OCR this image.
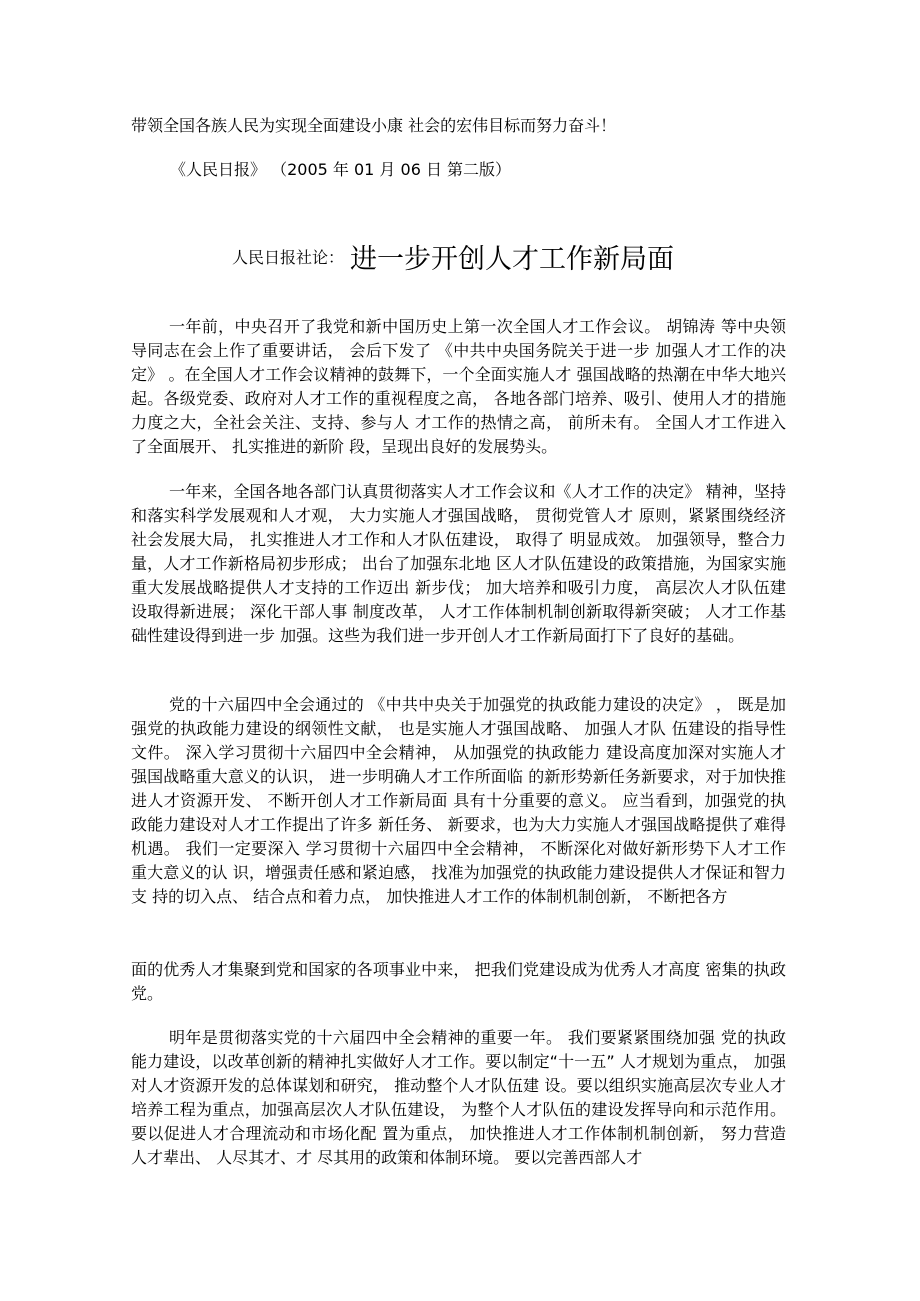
带领全国各族人民为实现全面建设小康 社会的宏伟目标而努力奋斗！
《人民日报》 （2005 年 01 月 06 日 第二版）
人民日报社论： 进一步开创人才工作新局面

一年前，中央召开了我党和新中国历史上第一次全国人才工作会议。 胡锦涛 等中央领导同志在会上作了重要讲话， 会后下发了 《中共中央国务院关于进一步 加强人才工作的决定》 。在全国人才工作会议精神的鼓舞下，一个全面实施人才 强国战略的热潮在中华大地兴起。各级党委、政府对人才工作的重视程度之高， 各地各部门培养、吸引、使用人才的措施力度之大，全社会关注、支持、参与人 才工作的热情之高， 前所未有。 全国人才工作进入了全面展开、 扎实推进的新阶 段，呈现出良好的发展势头。

一年来，全国各地各部门认真贯彻落实人才工作会议和《人才工作的决定》 精神，坚持和落实科学发展观和人才观， 大力实施人才强国战略， 贯彻党管人才 原则，紧紧围绕经济社会发展大局， 扎实推进人才工作和人才队伍建设， 取得了 明显成效。 加强领导，整合力量，人才工作新格局初步形成； 出台了加强东北地 区人才队伍建设的政策措施，为国家实施重大发展战略提供人才支持的工作迈出 新步伐； 加大培养和吸引力度， 高层次人才队伍建设取得新进展； 深化干部人事 制度改革， 人才工作体制机制创新取得新突破； 人才工作基础性建设得到进一步 加强。这些为我们进一步开创人才工作新局面打下了良好的基础。

党的十六届四中全会通过的 《中共中央关于加强党的执政能力建设的决定》 ， 既是加强党的执政能力建设的纲领性文献， 也是实施人才强国战略、 加强人才队 伍建设的指导性文件。 深入学习贯彻十六届四中全会精神， 从加强党的执政能力 建设高度加深对实施人才强国战略重大意义的认识， 进一步明确人才工作所面临 的新形势新任务新要求，对于加快推进人才资源开发、 不断开创人才工作新局面 具有十分重要的意义。 应当看到，加强党的执政能力建设对人才工作提出了许多 新任务、 新要求，也为大力实施人才强国战略提供了难得机遇。 我们一定要深入 学习贯彻十六届四中全会精神， 不断深化对做好新形势下人才工作重大意义的认 识，增强责任感和紧迫感， 找准为加强党的执政能力建设提供人才保证和智力支 持的切入点、 结合点和着力点， 加快推进人才工作的体制机制创新， 不断把各方

面的优秀人才集聚到党和国家的各项事业中来， 把我们党建设成为优秀人才高度 密集的执政党。

明年是贯彻落实党的十六届四中全会精神的重要一年。 我们要紧紧围绕加强 党的执政能力建设，以改革创新的精神扎实做好人才工作。要以制定“十一五” 人才规划为重点， 加强对人才资源开发的总体谋划和研究， 推动整个人才队伍建 设。要以组织实施高层次专业人才培养工程为重点，加强高层次人才队伍建设， 为整个人才队伍的建设发挥导向和示范作用。 要以促进人才合理流动和市场化配 置为重点， 加快推进人才工作体制机制创新， 努力营造人才辈出、 人尽其才、才 尽其用的政策和体制环境。 要以完善西部人才
